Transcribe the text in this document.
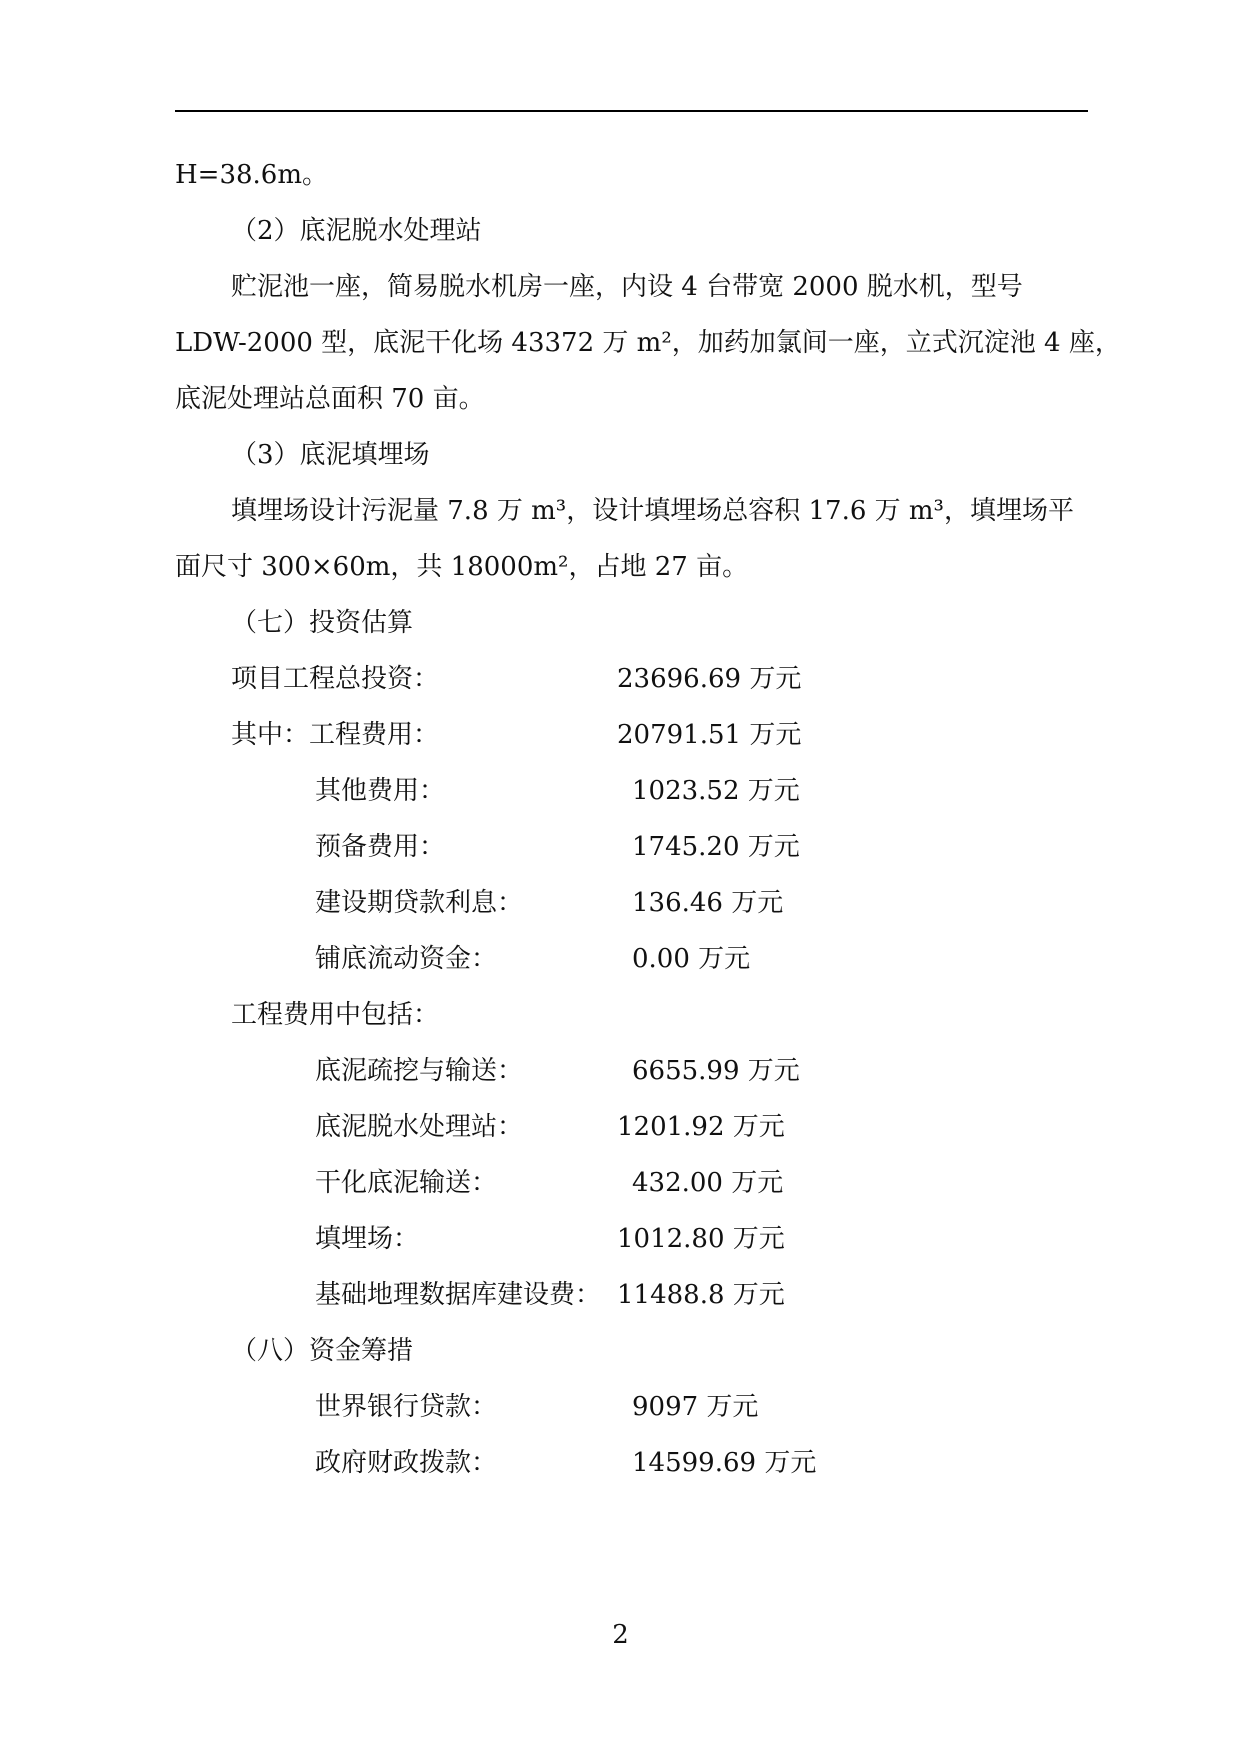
H=38.6m。
（2）底泥脱水处理站
贮泥池一座，简易脱水机房一座，内设 4 台带宽 2000 脱水机，型号
LDW-2000 型，底泥干化场 43372 万 m²，加药加氯间一座，立式沉淀池 4 座，
底泥处理站总面积 70 亩。
（3）底泥填埋场
填埋场设计污泥量 7.8 万 m³，设计填埋场总容积 17.6 万 m³，填埋场平
面尺寸 300×60m，共 18000m²，占地 27 亩。
（七）投资估算
项目工程总投资：	23696.69 万元
其中：工程费用：	20791.51 万元
其他费用：	1023.52 万元
预备费用：	1745.20 万元
建设期贷款利息：	136.46 万元
铺底流动资金：	0.00 万元
工程费用中包括：
底泥疏挖与输送：	6655.99 万元
底泥脱水处理站：	1201.92 万元
干化底泥输送：	432.00 万元
填埋场：	1012.80 万元
基础地理数据库建设费： 11488.8 万元
（八）资金筹措
世界银行贷款：	9097 万元
政府财政拨款：	14599.69 万元
2
